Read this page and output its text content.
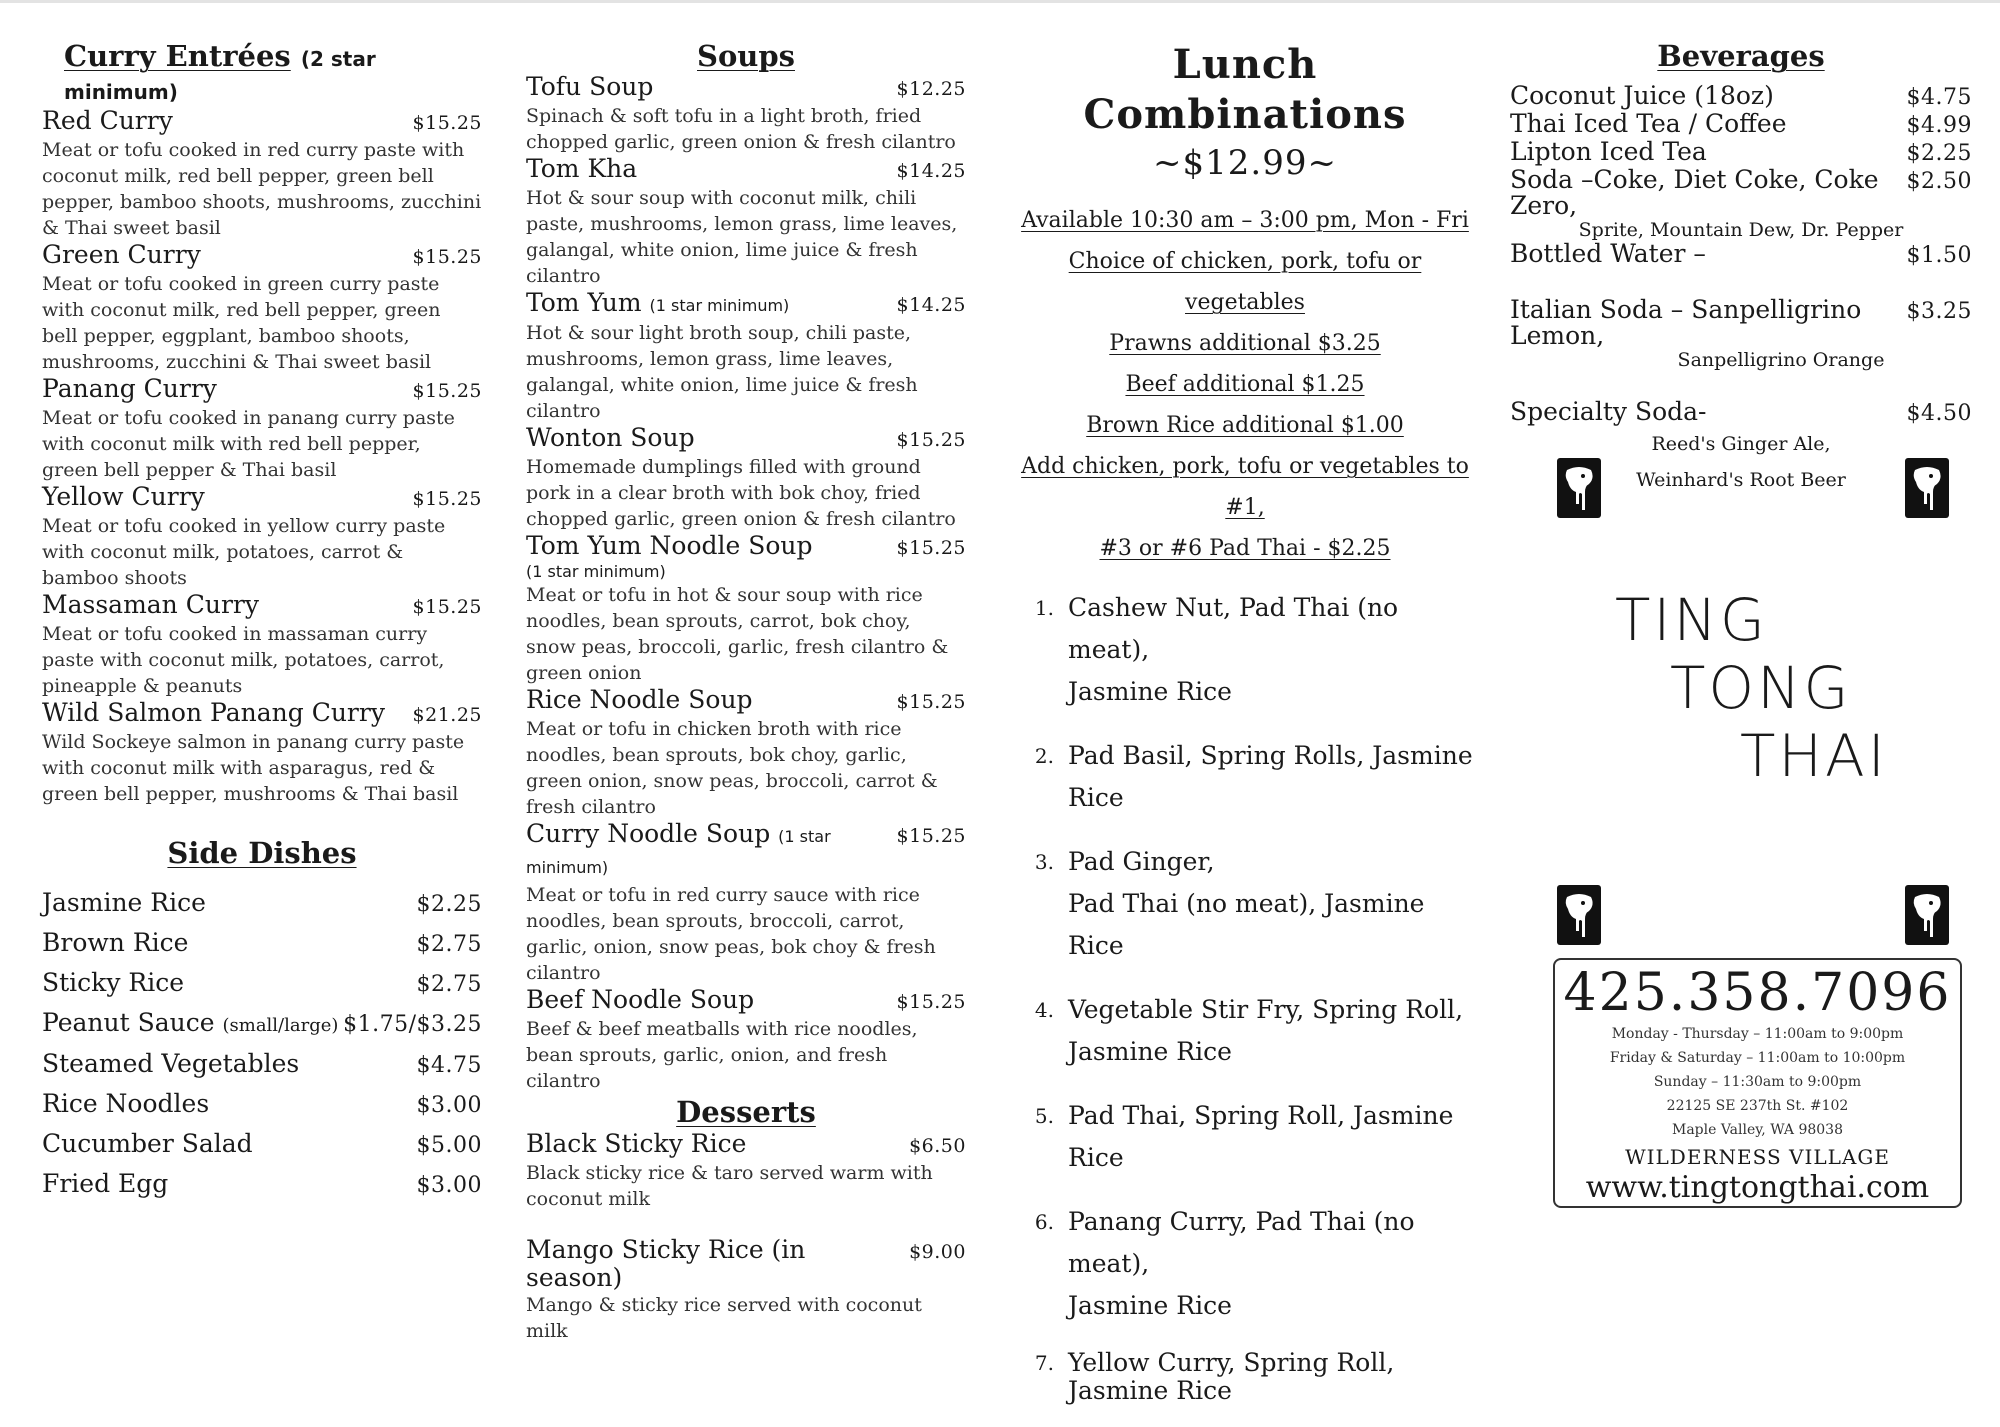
Curry Entrées (2 star minimum)
Red Curry	$15.25

Meat or tofu cooked in red curry paste with coconut milk, red bell pepper, green bell pepper, bamboo shoots, mushrooms, zucchini & Thai sweet basil

Green Curry	$15.25

Meat or tofu cooked in green curry paste with coconut milk, red bell pepper, green bell pepper, eggplant, bamboo shoots, mushrooms, zucchini & Thai sweet basil

Panang Curry	$15.25

Meat or tofu cooked in panang curry paste with coconut milk with red bell pepper, green bell pepper & Thai basil

Yellow Curry	$15.25

Meat or tofu cooked in yellow curry paste with coconut milk, potatoes, carrot & bamboo shoots

Massaman Curry	$15.25

Meat or tofu cooked in massaman curry paste with coconut milk, potatoes, carrot, pineapple & peanuts

Wild Salmon Panang Curry $21.25

Wild Sockeye salmon in panang curry paste with coconut milk with asparagus, red & green bell pepper, mushrooms & Thai basil

Side Dishes
Jasmine Rice	$2.25
Brown Rice	$2.75
Sticky Rice	$2.75
Peanut Sauce (small/large) $1.75/$3.25
Steamed Vegetables	$4.75
Rice Noodles	$3.00
Cucumber Salad	$5.00
Fried Egg	$3.00
Soups
Tofu Soup	$12.25

Spinach & soft tofu in a light broth, fried chopped garlic, green onion & fresh cilantro

Tom Kha	$14.25

Hot & sour soup with coconut milk, chili paste, mushrooms, lemon grass, lime leaves, galangal, white onion, lime juice & fresh cilantro

Tom Yum (1 star minimum)	$14.25

Hot & sour light broth soup, chili paste, mushrooms, lemon grass, lime leaves, galangal, white onion, lime juice & fresh cilantro

Wonton Soup	$15.25

Homemade dumplings filled with ground pork in a clear broth with bok choy, fried chopped garlic, green onion & fresh cilantro

Tom Yum Noodle Soup	$15.25
(1 star minimum)

Meat or tofu in hot & sour soup with rice noodles, bean sprouts, carrot, bok choy, snow peas, broccoli, garlic, fresh cilantro & green onion

Rice Noodle Soup	$15.25

Meat or tofu in chicken broth with rice noodles, bean sprouts, bok choy, garlic, green onion, snow peas, broccoli, carrot & fresh cilantro

Curry Noodle Soup (1 star minimum)
$15.25

Meat or tofu in red curry sauce with rice noodles, bean sprouts, broccoli, carrot, garlic, onion, snow peas, bok choy & fresh cilantro

Beef Noodle Soup	$15.25

Beef & beef meatballs with rice noodles, bean sprouts, garlic, onion, and fresh cilantro

Desserts
Black Sticky Rice	$6.50

Black sticky rice & taro served warm with coconut milk

Mango Sticky Rice (in season)
$9.00

Mango & sticky rice served with coconut milk

Lunch Combinations

~$12.99~

Available 10:30 am – 3:00 pm, Mon - Fri
Choice of chicken, pork, tofu or vegetables
Prawns additional $3.25
Beef additional $1.25
Brown Rice additional $1.00
Add chicken, pork, tofu or vegetables to #1,
#3 or #6 Pad Thai - $2.25
1. Cashew Nut, Pad Thai (no meat),
Jasmine Rice
2. Pad Basil, Spring Rolls, Jasmine
Rice
3. Pad Ginger,
Pad Thai (no meat), Jasmine Rice
4. Vegetable Stir Fry, Spring Roll,
Jasmine Rice
5. Pad Thai, Spring Roll, Jasmine
Rice
6. Panang Curry, Pad Thai (no meat),
Jasmine Rice
7. Yellow Curry, Spring Roll,
Jasmine Rice
Beverages
Coconut Juice (18oz)	$4.75
Thai Iced Tea / Coffee	$4.99
Lipton Iced Tea	$2.25
Soda –Coke, Diet Coke, Coke Zero,
$2.50
Sprite, Mountain Dew, Dr. Pepper
Bottled Water –	$1.50
Italian Soda – Sanpelligrino Lemon,
$3.25
Sanpelligrino Orange
Specialty Soda-	$4.50
Reed's Ginger Ale,
Weinhard's Root Beer
TING
TONG
THAI
425.358.7096
Monday - Thursday – 11:00am to 9:00pm
Friday & Saturday – 11:00am to 10:00pm
Sunday – 11:30am to 9:00pm
22125 SE 237th St. #102
Maple Valley, WA 98038
WILDERNESS VILLAGE
www.tingtongthai.com
